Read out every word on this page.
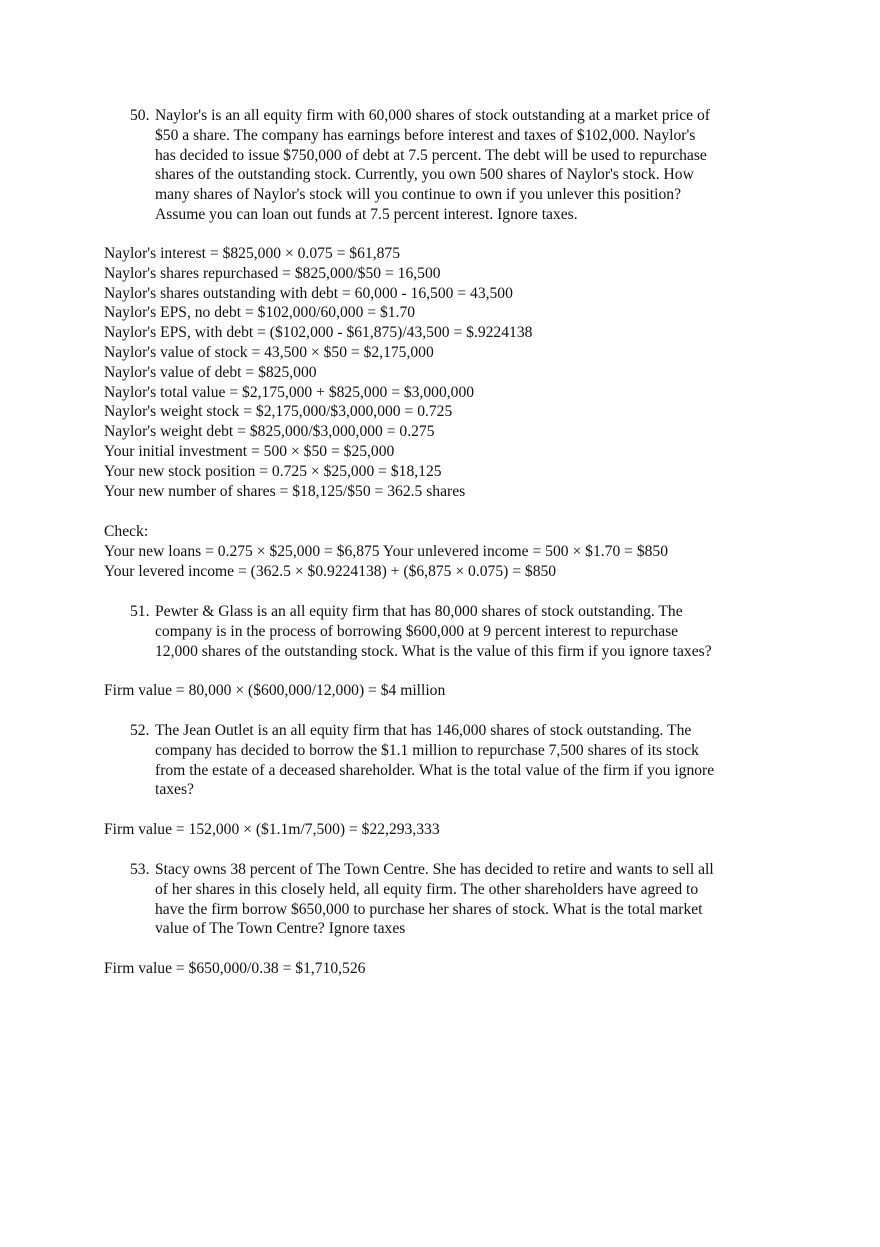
50. Naylor's is an all equity firm with 60,000 shares of stock outstanding at a market price of
$50 a share. The company has earnings before interest and taxes of $102,000. Naylor's
has decided to issue $750,000 of debt at 7.5 percent. The debt will be used to repurchase
shares of the outstanding stock. Currently, you own 500 shares of Naylor's stock. How
many shares of Naylor's stock will you continue to own if you unlever this position?
Assume you can loan out funds at 7.5 percent interest. Ignore taxes.
Naylor's interest = $825,000 × 0.075 = $61,875
Naylor's shares repurchased = $825,000/$50 = 16,500
Naylor's shares outstanding with debt = 60,000 - 16,500 = 43,500
Naylor's EPS, no debt = $102,000/60,000 = $1.70
Naylor's EPS, with debt = ($102,000 - $61,875)/43,500 = $.9224138
Naylor's value of stock = 43,500 × $50 = $2,175,000
Naylor's value of debt = $825,000
Naylor's total value = $2,175,000 + $825,000 = $3,000,000
Naylor's weight stock = $2,175,000/$3,000,000 = 0.725
Naylor's weight debt = $825,000/$3,000,000 = 0.275
Your initial investment = 500 × $50 = $25,000
Your new stock position = 0.725 × $25,000 = $18,125
Your new number of shares = $18,125/$50 = 362.5 shares
Check:
Your new loans = 0.275 × $25,000 = $6,875 Your unlevered income = 500 × $1.70 = $850
Your levered income = (362.5 × $0.9224138) + ($6,875 × 0.075) = $850
51. Pewter & Glass is an all equity firm that has 80,000 shares of stock outstanding. The
company is in the process of borrowing $600,000 at 9 percent interest to repurchase
12,000 shares of the outstanding stock. What is the value of this firm if you ignore taxes?
Firm value = 80,000 × ($600,000/12,000) = $4 million
52. The Jean Outlet is an all equity firm that has 146,000 shares of stock outstanding. The
company has decided to borrow the $1.1 million to repurchase 7,500 shares of its stock
from the estate of a deceased shareholder. What is the total value of the firm if you ignore
taxes?
Firm value = 152,000 × ($1.1m/7,500) = $22,293,333
53. Stacy owns 38 percent of The Town Centre. She has decided to retire and wants to sell all
of her shares in this closely held, all equity firm. The other shareholders have agreed to
have the firm borrow $650,000 to purchase her shares of stock. What is the total market
value of The Town Centre? Ignore taxes
Firm value = $650,000/0.38 = $1,710,526
